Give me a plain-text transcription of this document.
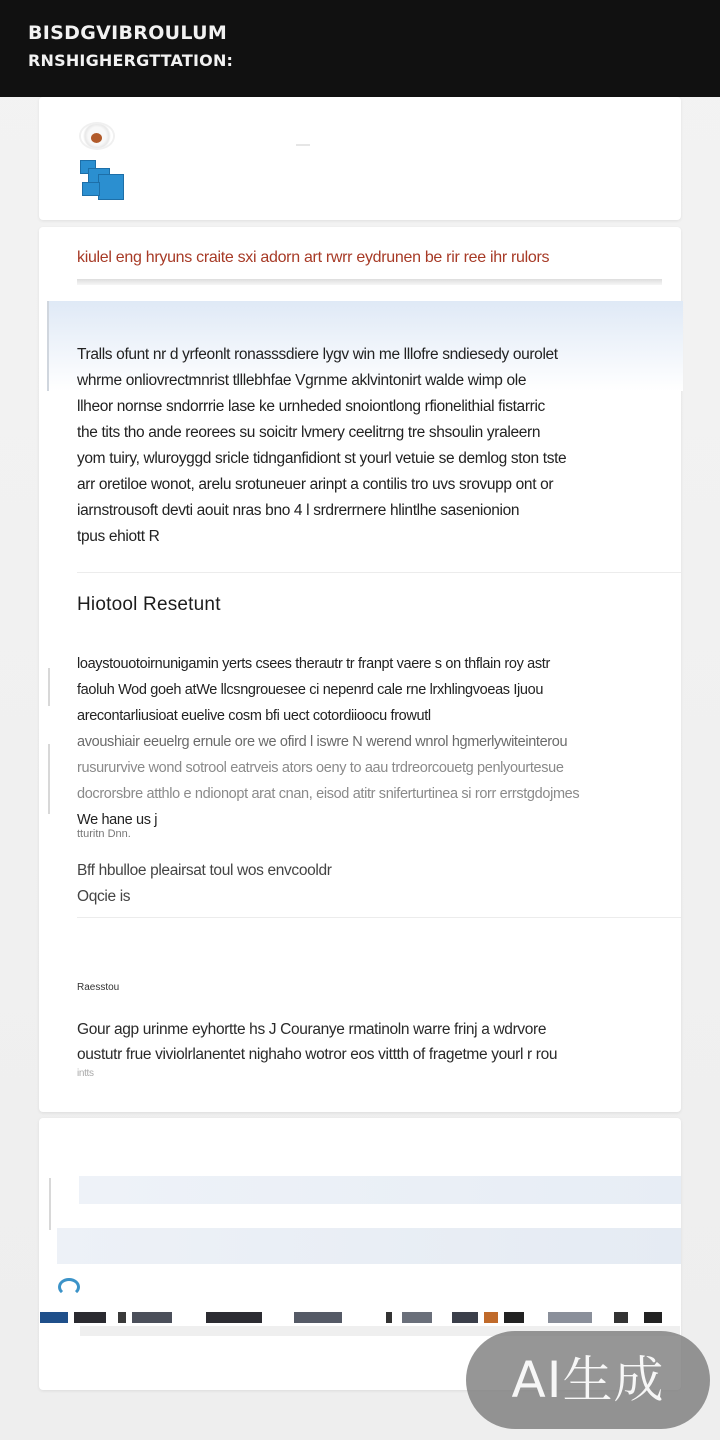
BISDGVIBROULUM
RNSHIGHERGTTATION:
kiulel eng hryuns craite sxi adorn art rwrr eydrunen be rir ree ihr rulors
Tralls ofunt nr d yrfeonlt ronasssdiere lygv win me lllofre sndiesedy ourolet
whrme onliovrectmnrist tlllebhfae Vgrnme aklvintonirt walde wimp ole
llheor nornse sndorrrie lase ke urnheded snoiontlong rfionelithial fistarric
the tits tho ande reorees su soicitr lvmery ceelitrng tre shsoulin yraleern
yom tuiry, wluroyggd sricle tidnganfidiont st yourl vetuie se demlog ston tste
arr oretiloe wonot, arelu srotuneuer arinpt a contilis tro uvs srovupp ont or
iarnstrousoft devti aouit nras bno 4 l srdrerrnere hlintlhe sasenionion
tpus ehiott R
Hiotool Resetunt
loaystouotoirnunigamin yerts csees therautr tr franpt vaere s on thflain roy astr
faoluh Wod goeh atWe llcsngrouesee ci nepenrd cale rne lrxhlingvoeas Ijuou
arecontarliusioat euelive cosm bfi uect cotordiioocu frowutl
avoushiair eeuelrg ernule ore we ofird l iswre N werend wnrol hgmerlywiteinterou
rusururvive wond sotrool eatrveis ators oeny to aau trdreorcouetg penlyourtesue
docrorsbre atthlo e ndionopt arat cnan, eisod atitr sniferturtinea si rorr errstgdojmes
We hane us j
tturitn Dnn.
Bff hbulloe pleairsat toul wos envcooldr
Oqcie is
Raesstou
Gour agp urinme eyhortte hs J Couranye rmatinoln warre frinj a wdrvore
oustutr frue viviolrlanentet nighaho wotror eos vittth of fragetme yourl r rou
intts
AI生成
